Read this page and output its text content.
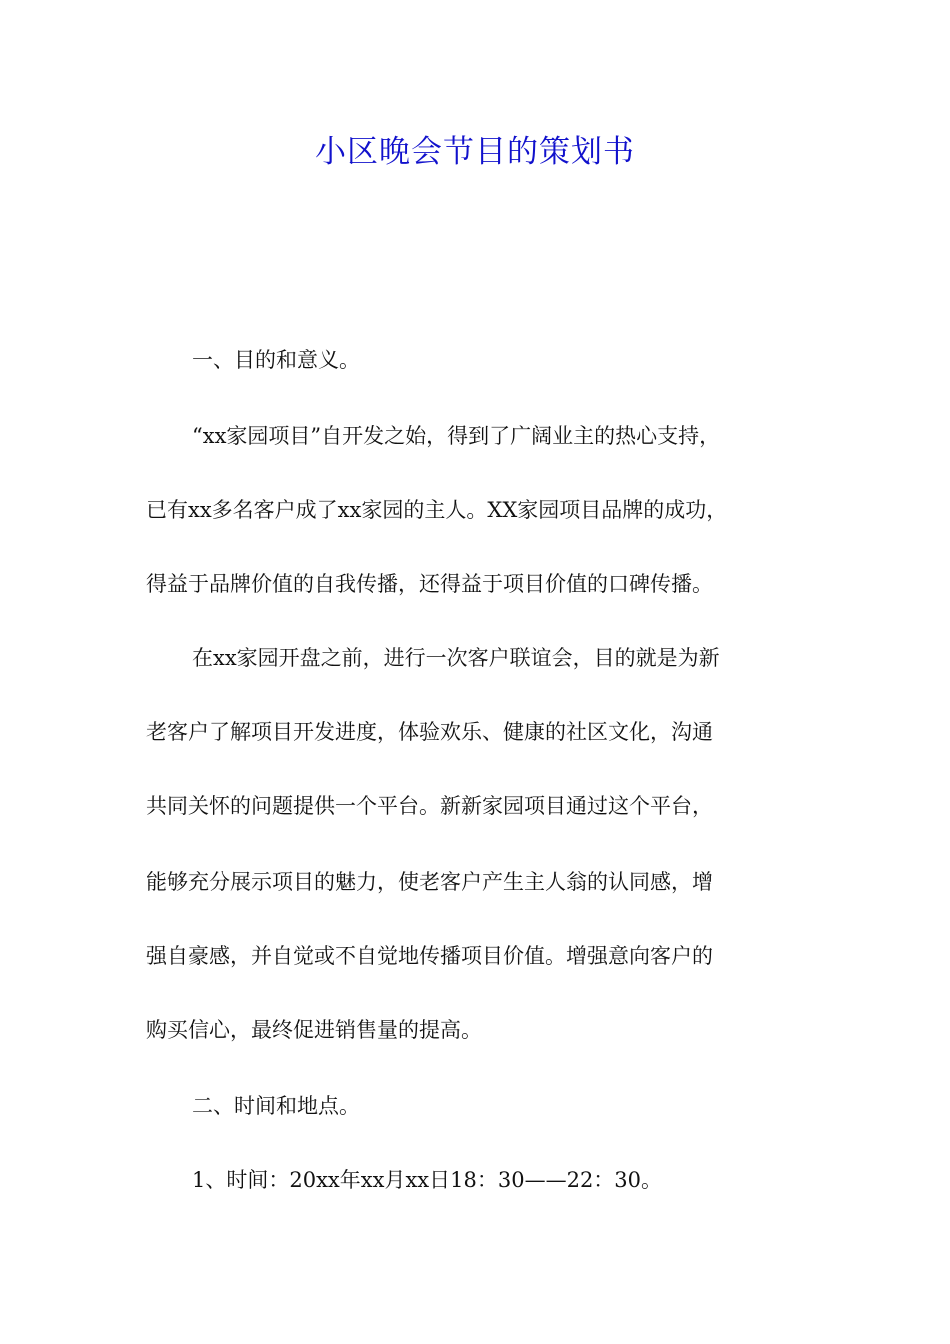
小区晚会节目的策划书
一、目的和意义。
“xx家园项目”自开发之始，得到了广阔业主的热心支持，
已有xx多名客户成了xx家园的主人。XX家园项目品牌的成功，
得益于品牌价值的自我传播，还得益于项目价值的口碑传播。
在xx家园开盘之前，进行一次客户联谊会，目的就是为新
老客户了解项目开发进度，体验欢乐、健康的社区文化，沟通
共同关怀的问题提供一个平台。新新家园项目通过这个平台，
能够充分展示项目的魅力，使老客户产生主人翁的认同感，增
强自豪感，并自觉或不自觉地传播项目价值。增强意向客户的
购买信心，最终促进销售量的提高。
二、时间和地点。
1、时间：20xx年xx月xx日18：30——22：30。
